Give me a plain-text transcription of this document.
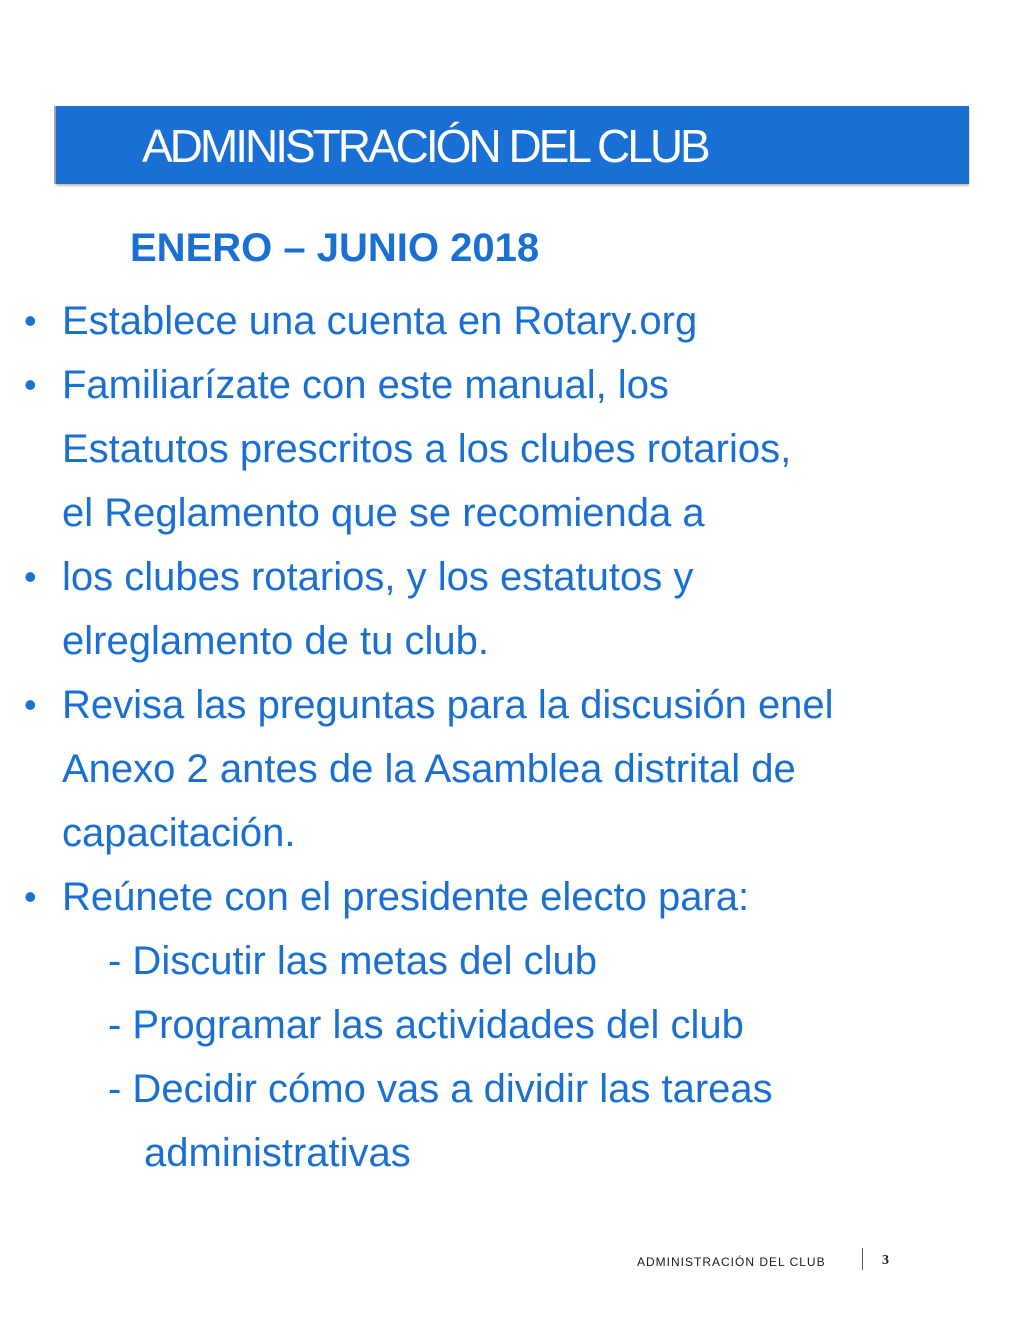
ADMINISTRACIÓN DEL CLUB
ENERO – JUNIO 2018
• Establece una cuenta en Rotary.org
• Familiarízate con este manual, los
Estatutos prescritos a los clubes rotarios,
el Reglamento que se recomienda a
• los clubes rotarios, y los estatutos y
elreglamento de tu club.
• Revisa las preguntas para la discusión enel
Anexo 2 antes de la Asamblea distrital de
capacitación.
• Reúnete con el presidente electo para:
- Discutir las metas del club
- Programar las actividades del club
- Decidir cómo vas a dividir las tareas
administrativas
ADMINISTRACIÓN DEL CLUB	3
